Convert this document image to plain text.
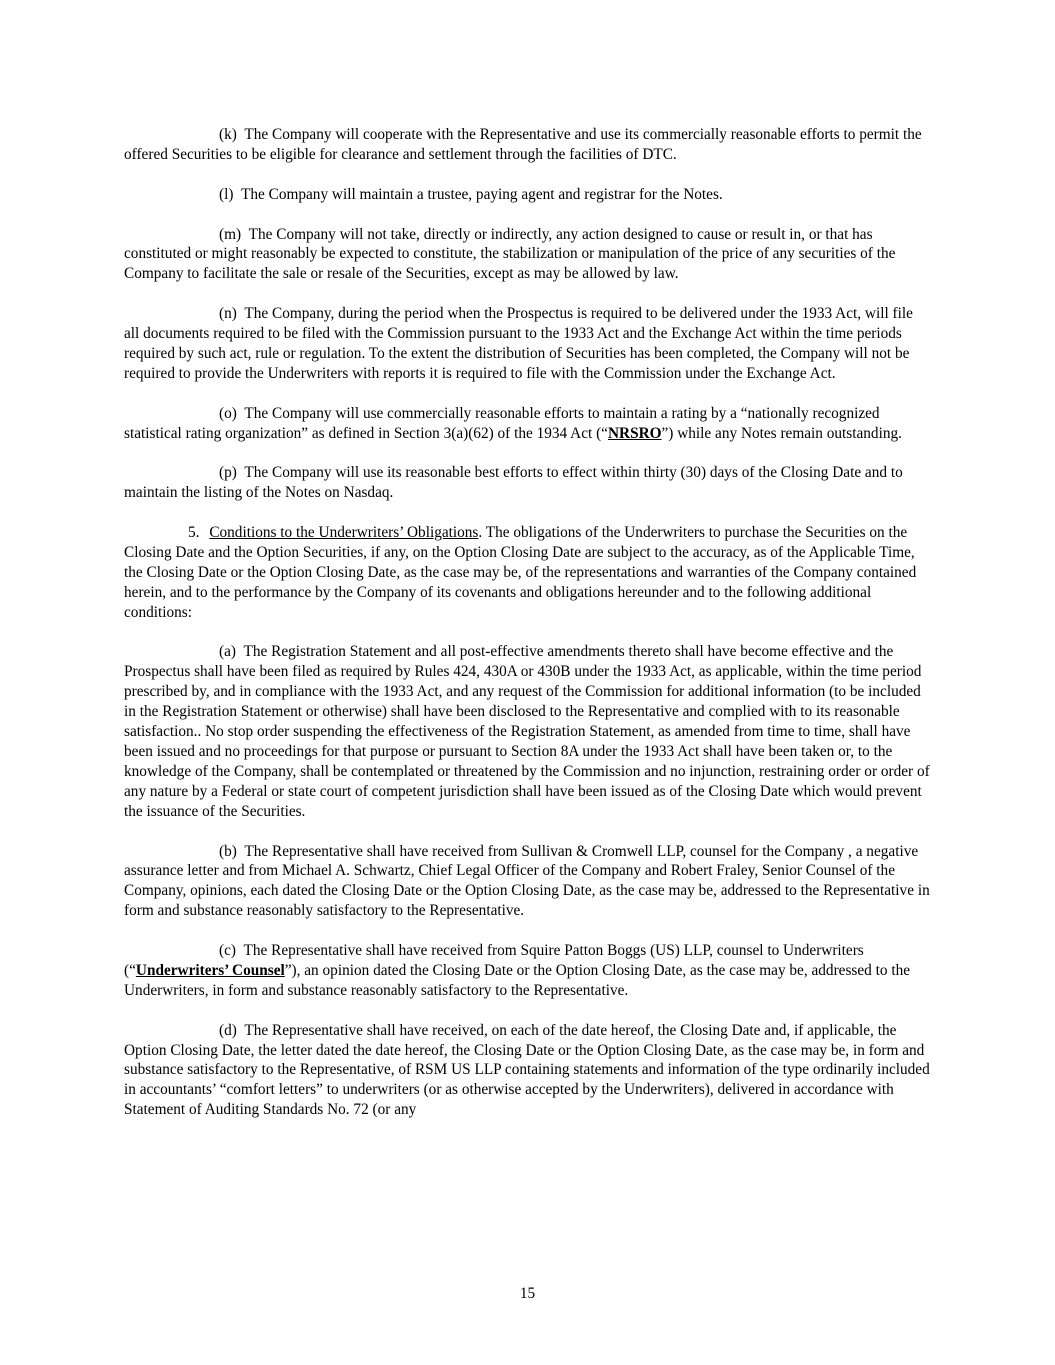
(k) The Company will cooperate with the Representative and use its commercially reasonable efforts to permit the offered Securities to be eligible for clearance and settlement through the facilities of DTC.

(l) The Company will maintain a trustee, paying agent and registrar for the Notes.

(m) The Company will not take, directly or indirectly, any action designed to cause or result in, or that has constituted or might reasonably be expected to constitute, the stabilization or manipulation of the price of any securities of the Company to facilitate the sale or resale of the Securities, except as may be allowed by law.

(n) The Company, during the period when the Prospectus is required to be delivered under the 1933 Act, will file all documents required to be filed with the Commission pursuant to the 1933 Act and the Exchange Act within the time periods required by such act, rule or regulation. To the extent the distribution of Securities has been completed, the Company will not be required to provide the Underwriters with reports it is required to file with the Commission under the Exchange Act.

(o) The Company will use commercially reasonable efforts to maintain a rating by a “nationally recognized statistical rating organization” as defined in Section 3(a)(62) of the 1934 Act (“NRSRO”) while any Notes remain outstanding.

(p) The Company will use its reasonable best efforts to effect within thirty (30) days of the Closing Date and to maintain the listing of the Notes on Nasdaq.

5. Conditions to the Underwriters’ Obligations. The obligations of the Underwriters to purchase the Securities on the Closing Date and the Option Securities, if any, on the Option Closing Date are subject to the accuracy, as of the Applicable Time, the Closing Date or the Option Closing Date, as the case may be, of the representations and warranties of the Company contained herein, and to the performance by the Company of its covenants and obligations hereunder and to the following additional conditions:

(a) The Registration Statement and all post-effective amendments thereto shall have become effective and the Prospectus shall have been filed as required by Rules 424, 430A or 430B under the 1933 Act, as applicable, within the time period prescribed by, and in compliance with the 1933 Act, and any request of the Commission for additional information (to be included in the Registration Statement or otherwise) shall have been disclosed to the Representative and complied with to its reasonable satisfaction.. No stop order suspending the effectiveness of the Registration Statement, as amended from time to time, shall have been issued and no proceedings for that purpose or pursuant to Section 8A under the 1933 Act shall have been taken or, to the knowledge of the Company, shall be contemplated or threatened by the Commission and no injunction, restraining order or order of any nature by a Federal or state court of competent jurisdiction shall have been issued as of the Closing Date which would prevent the issuance of the Securities.

(b) The Representative shall have received from Sullivan & Cromwell LLP, counsel for the Company , a negative assurance letter and from Michael A. Schwartz, Chief Legal Officer of the Company and Robert Fraley, Senior Counsel of the Company, opinions, each dated the Closing Date or the Option Closing Date, as the case may be, addressed to the Representative in form and substance reasonably satisfactory to the Representative.

(c) The Representative shall have received from Squire Patton Boggs (US) LLP, counsel to Underwriters (“Underwriters’ Counsel”), an opinion dated the Closing Date or the Option Closing Date, as the case may be, addressed to the Underwriters, in form and substance reasonably satisfactory to the Representative.

(d) The Representative shall have received, on each of the date hereof, the Closing Date and, if applicable, the Option Closing Date, the letter dated the date hereof, the Closing Date or the Option Closing Date, as the case may be, in form and substance satisfactory to the Representative, of RSM US LLP containing statements and information of the type ordinarily included in accountants’ “comfort letters” to underwriters (or as otherwise accepted by the Underwriters), delivered in accordance with Statement of Auditing Standards No. 72 (or any

15
